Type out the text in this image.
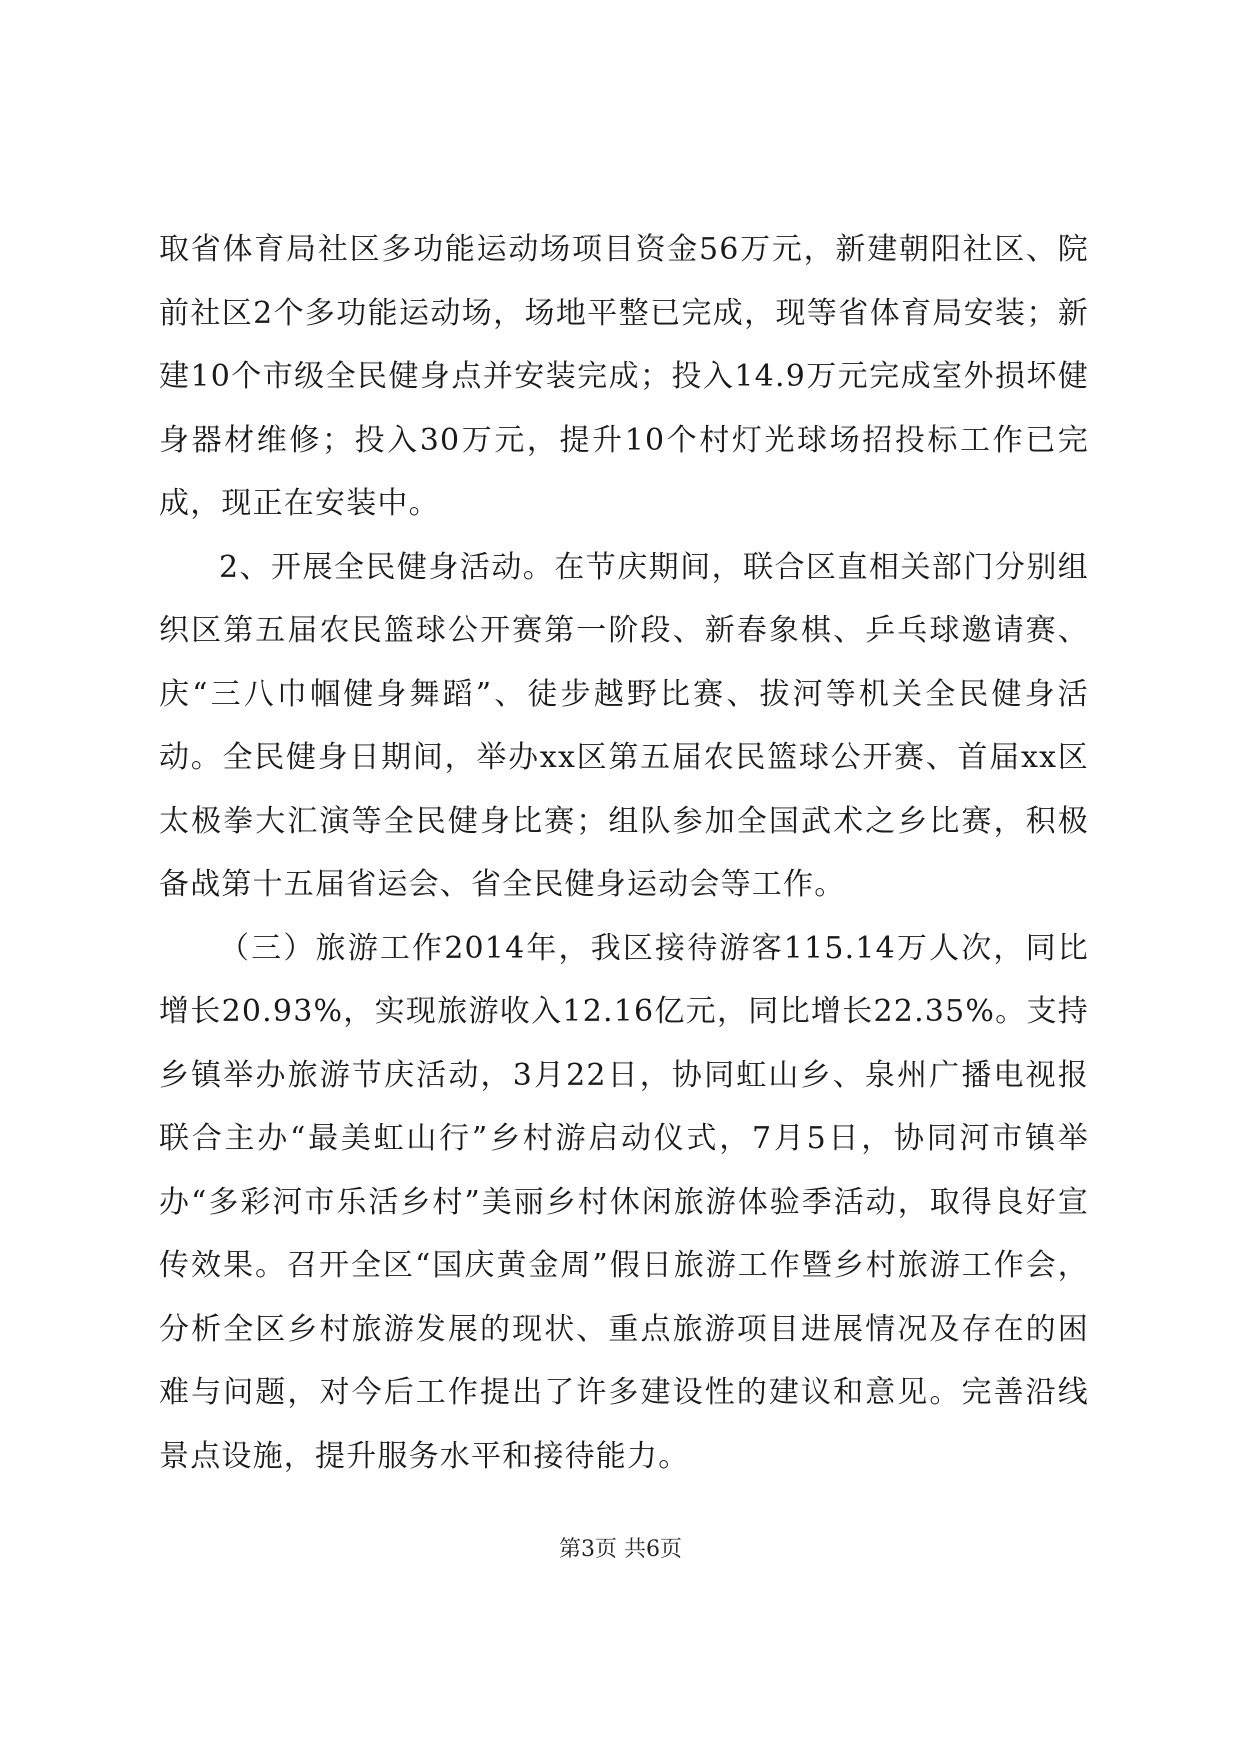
取省体育局社区多功能运动场项目资金56万元，新建朝阳社区、院前社区2个多功能运动场，场地平整已完成，现等省体育局安装；新建10个市级全民健身点并安装完成；投入14.9万元完成室外损坏健身器材维修；投入30万元，提升10个村灯光球场招投标工作已完成，现正在安装中。

2、开展全民健身活动。在节庆期间，联合区直相关部门分别组织区第五届农民篮球公开赛第一阶段、新春象棋、乒乓球邀请赛、庆“三八巾帼健身舞蹈”、徒步越野比赛、拔河等机关全民健身活动。全民健身日期间，举办xx区第五届农民篮球公开赛、首届xx区太极拳大汇演等全民健身比赛；组队参加全国武术之乡比赛，积极备战第十五届省运会、省全民健身运动会等工作。

（三）旅游工作2014年，我区接待游客115.14万人次，同比增长20.93%，实现旅游收入12.16亿元，同比增长22.35%。支持乡镇举办旅游节庆活动，3月22日，协同虹山乡、泉州广播电视报联合主办“最美虹山行”乡村游启动仪式，7月5日，协同河市镇举办“多彩河市乐活乡村”美丽乡村休闲旅游体验季活动，取得良好宣传效果。召开全区“国庆黄金周”假日旅游工作暨乡村旅游工作会，分析全区乡村旅游发展的现状、重点旅游项目进展情况及存在的困难与问题，对今后工作提出了许多建设性的建议和意见。完善沿线景点设施，提升服务水平和接待能力。

第3页 共6页
